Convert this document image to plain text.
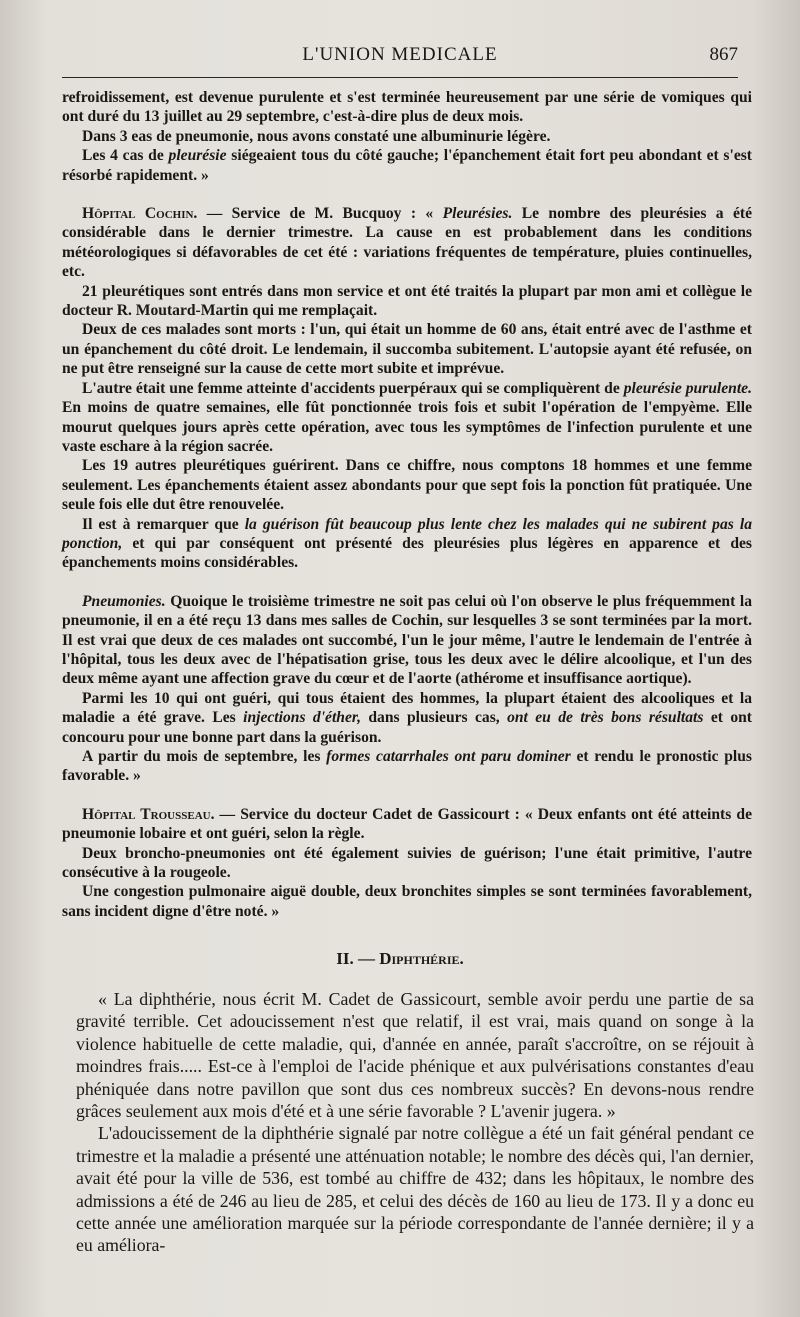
L'UNION MEDICALE	867

refroidissement, est devenue purulente et s'est terminée heureusement par une série de vomiques qui ont duré du 13 juillet au 29 septembre, c'est-à-dire plus de deux mois.

Dans 3 eas de pneumonie, nous avons constaté une albuminurie légère.

Les 4 cas de pleurésie siégeaient tous du côté gauche; l'épanchement était fort peu abondant et s'est résorbé rapidement. »

Hôpital Cochin. — Service de M. Bucquoy : « Pleurésies. Le nombre des pleurésies a été considérable dans le dernier trimestre. La cause en est probablement dans les conditions météorologiques si défavorables de cet été : variations fréquentes de température, pluies continuelles, etc.

21 pleurétiques sont entrés dans mon service et ont été traités la plupart par mon ami et collègue le docteur R. Moutard-Martin qui me remplaçait.

Deux de ces malades sont morts : l'un, qui était un homme de 60 ans, était entré avec de l'asthme et un épanchement du côté droit. Le lendemain, il succomba subitement. L'autopsie ayant été refusée, on ne put être renseigné sur la cause de cette mort subite et imprévue.

L'autre était une femme atteinte d'accidents puerpéraux qui se compliquèrent de pleurésie purulente. En moins de quatre semaines, elle fût ponctionnée trois fois et subit l'opération de l'empyème. Elle mourut quelques jours après cette opération, avec tous les symptômes de l'infection purulente et une vaste eschare à la région sacrée.

Les 19 autres pleurétiques guérirent. Dans ce chiffre, nous comptons 18 hommes et une femme seulement. Les épanchements étaient assez abondants pour que sept fois la ponction fût pratiquée. Une seule fois elle dut être renouvelée.

Il est à remarquer que la guérison fût beaucoup plus lente chez les malades qui ne subirent pas la ponction, et qui par conséquent ont présenté des pleurésies plus légères en apparence et des épanchements moins considérables.

Pneumonies. Quoique le troisième trimestre ne soit pas celui où l'on observe le plus fréquemment la pneumonie, il en a été reçu 13 dans mes salles de Cochin, sur lesquelles 3 se sont terminées par la mort. Il est vrai que deux de ces malades ont succombé, l'un le jour même, l'autre le lendemain de l'entrée à l'hôpital, tous les deux avec de l'hépatisation grise, tous les deux avec le délire alcoolique, et l'un des deux même ayant une affection grave du cœur et de l'aorte (athérome et insuffisance aortique).

Parmi les 10 qui ont guéri, qui tous étaient des hommes, la plupart étaient des alcooliques et la maladie a été grave. Les injections d'éther, dans plusieurs cas, ont eu de très bons résultats et ont concouru pour une bonne part dans la guérison.

A partir du mois de septembre, les formes catarrhales ont paru dominer et rendu le pronostic plus favorable. »

Hôpital Trousseau. — Service du docteur Cadet de Gassicourt : « Deux enfants ont été atteints de pneumonie lobaire et ont guéri, selon la règle.

Deux broncho-pneumonies ont été également suivies de guérison; l'une était primitive, l'autre consécutive à la rougeole.

Une congestion pulmonaire aiguë double, deux bronchites simples se sont terminées favorablement, sans incident digne d'être noté. »

II. — Diphthérie.

« La diphthérie, nous écrit M. Cadet de Gassicourt, semble avoir perdu une partie de sa gravité terrible. Cet adoucissement n'est que relatif, il est vrai, mais quand on songe à la violence habituelle de cette maladie, qui, d'année en année, paraît s'accroître, on se réjouit à moindres frais..... Est-ce à l'emploi de l'acide phénique et aux pulvérisations constantes d'eau phéniquée dans notre pavillon que sont dus ces nombreux succès? En devons-nous rendre grâces seulement aux mois d'été et à une série favorable ? L'avenir jugera. »

L'adoucissement de la diphthérie signalé par notre collègue a été un fait général pendant ce trimestre et la maladie a présenté une atténuation notable; le nombre des décès qui, l'an dernier, avait été pour la ville de 536, est tombé au chiffre de 432; dans les hôpitaux, le nombre des admissions a été de 246 au lieu de 285, et celui des décès de 160 au lieu de 173. Il y a donc eu cette année une amélioration marquée sur la période correspondante de l'année dernière; il y a eu améliora-
